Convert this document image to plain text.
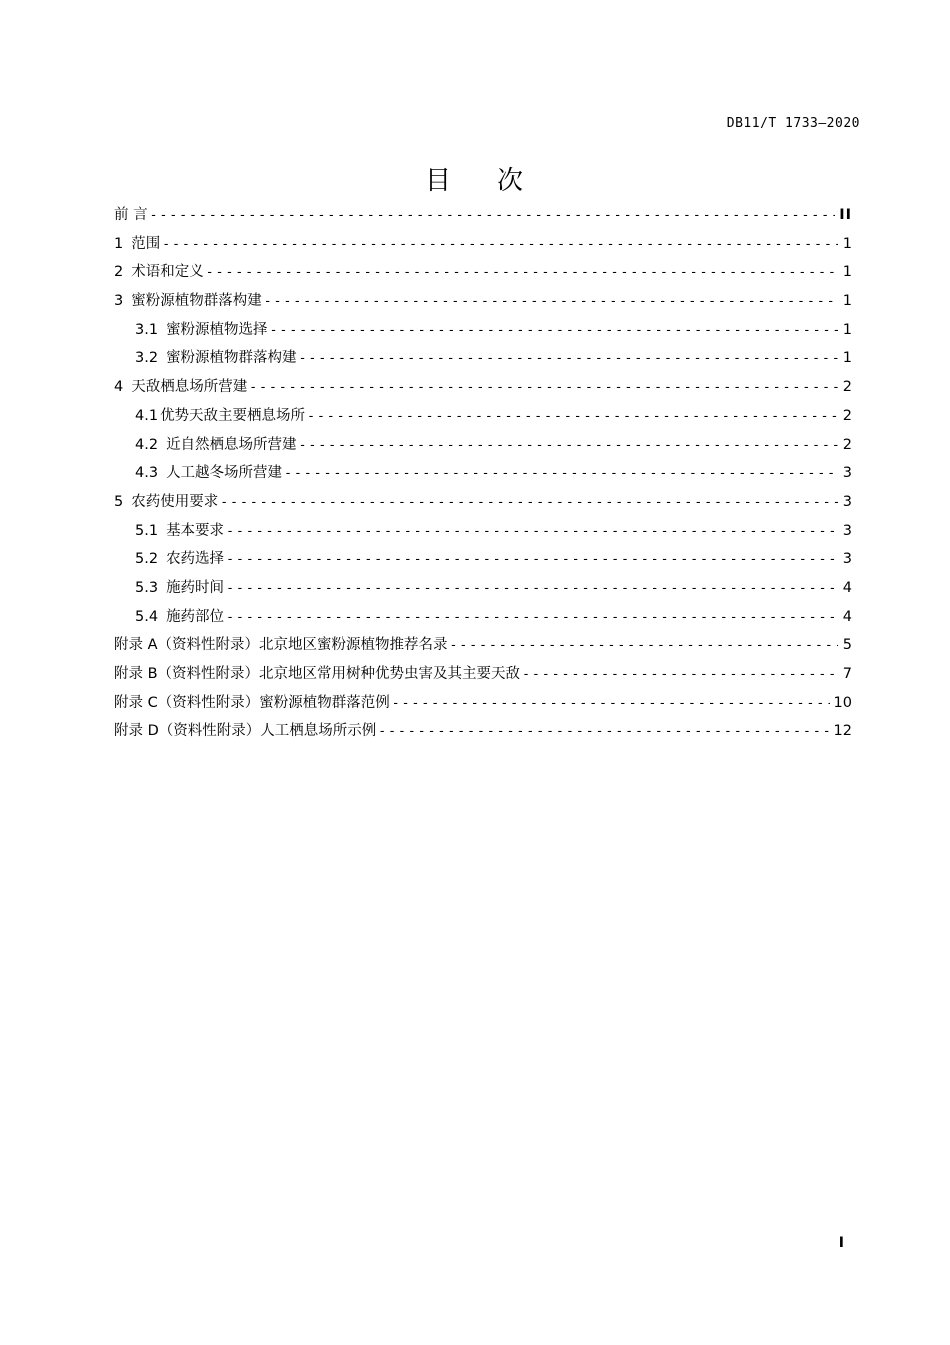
DB11/T 1733—2020
目 次
前 言 -----	II
1 范围 -----	1
2 术语和定义 -----	1
3 蜜粉源植物群落构建 -----	1
3.1 蜜粉源植物选择 -----	1
3.2 蜜粉源植物群落构建 -----	1
4 天敌栖息场所营建 -----	2
4.1 优势天敌主要栖息场所 -----	2
4.2 近自然栖息场所营建 -----	2
4.3 人工越冬场所营建 -----	3
5 农药使用要求 -----	3
5.1 基本要求 -----	3
5.2 农药选择 -----	3
5.3 施药时间 -----	4
5.4 施药部位 -----	4
附录 A（资料性附录）北京地区蜜粉源植物推荐名录 -----	5
附录 B（资料性附录）北京地区常用树种优势虫害及其主要天敌 -----	7
附录 C（资料性附录）蜜粉源植物群落范例 -----	10
附录 D（资料性附录）人工栖息场所示例 -----	12
I
